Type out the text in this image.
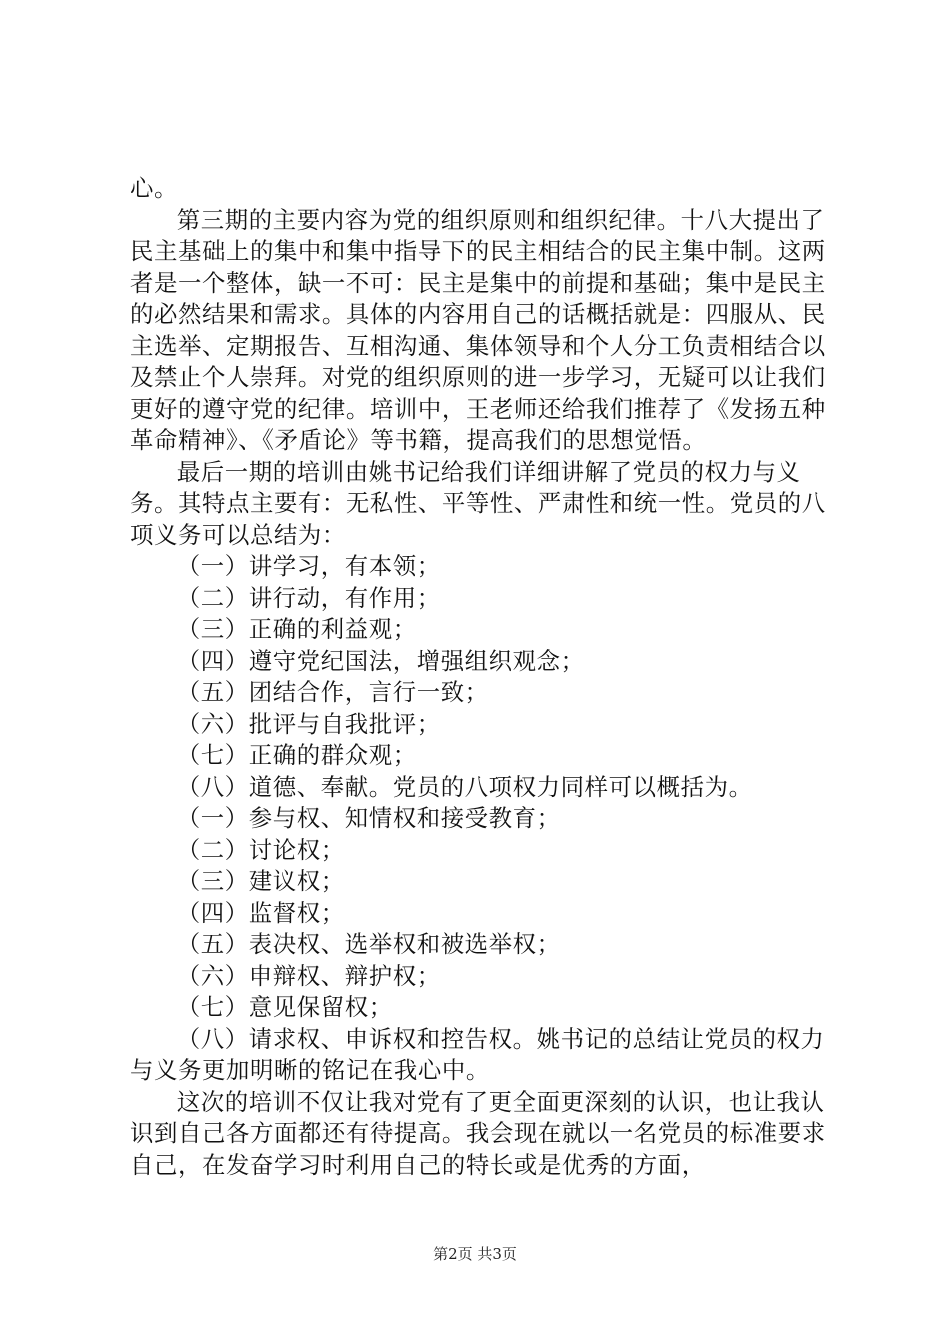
心。

第三期的主要内容为党的组织原则和组织纪律。十八大提出了民主基础上的集中和集中指导下的民主相结合的民主集中制。这两者是一个整体，缺一不可：民主是集中的前提和基础；集中是民主的必然结果和需求。具体的内容用自己的话概括就是：四服从、民主选举、定期报告、互相沟通、集体领导和个人分工负责相结合以及禁止个人崇拜。对党的组织原则的进一步学习，无疑可以让我们更好的遵守党的纪律。培训中，王老师还给我们推荐了《发扬五种革命精神》、《矛盾论》等书籍，提高我们的思想觉悟。

最后一期的培训由姚书记给我们详细讲解了党员的权力与义务。其特点主要有：无私性、平等性、严肃性和统一性。党员的八项义务可以总结为：

（一）讲学习，有本领；

（二）讲行动，有作用；

（三）正确的利益观；

（四）遵守党纪国法，增强组织观念；

（五）团结合作，言行一致；

（六）批评与自我批评；

（七）正确的群众观；

（八）道德、奉献。党员的八项权力同样可以概括为。

（一）参与权、知情权和接受教育；

（二）讨论权；

（三）建议权；

（四）监督权；

（五）表决权、选举权和被选举权；

（六）申辩权、辩护权；

（七）意见保留权；

（八）请求权、申诉权和控告权。姚书记的总结让党员的权力与义务更加明晰的铭记在我心中。

这次的培训不仅让我对党有了更全面更深刻的认识，也让我认识到自己各方面都还有待提高。我会现在就以一名党员的标准要求自己，在发奋学习时利用自己的特长或是优秀的方面，

第2页 共3页
